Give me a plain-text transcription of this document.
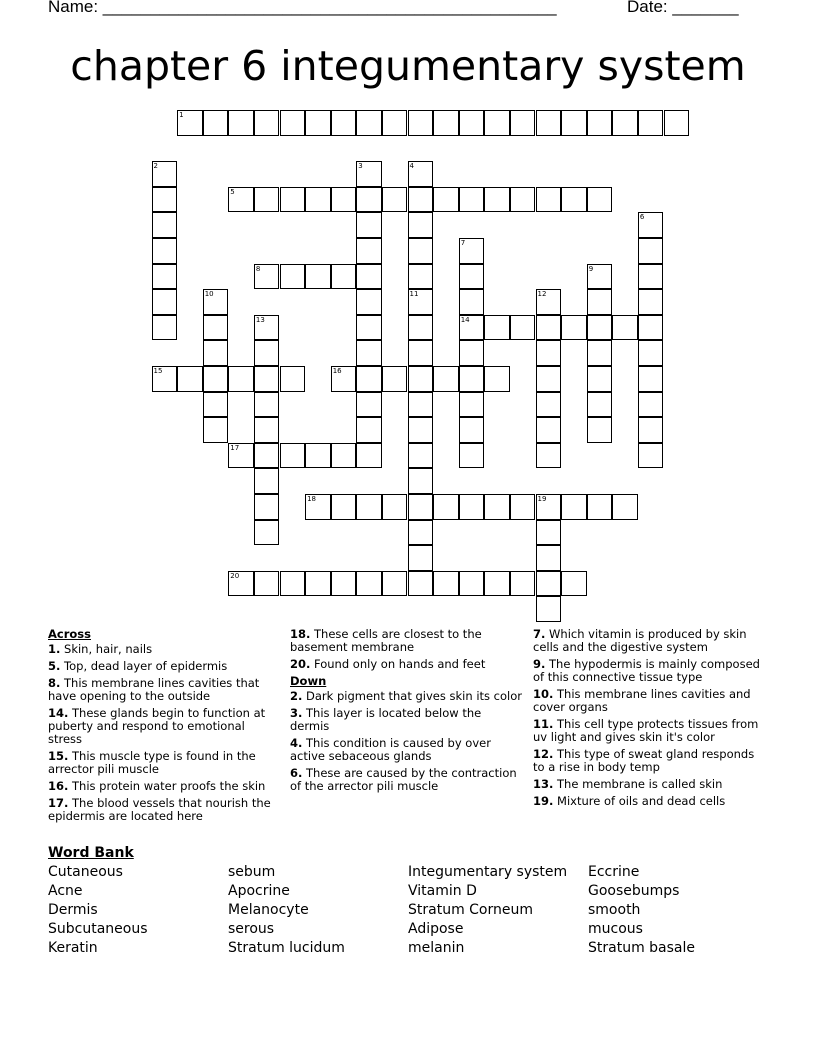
Name: ________________________________________________	Date: _______
chapter 6 integumentary system
1
2	3	4
11
5
6
7
14
8	9
10	12
13
15	16
17
18	19
20

Across

1. Skin, hair, nails

5. Top, dead layer of epidermis

8. This membrane lines cavities that have opening to the outside

14. These glands begin to function at puberty and respond to emotional stress

15. This muscle type is found in the arrector pili muscle

16. This protein water proofs the skin

17. The blood vessels that nourish the epidermis are located here

18. These cells are closest to the basement membrane

20. Found only on hands and feet

Down

2. Dark pigment that gives skin its color

3. This layer is located below the dermis

4. This condition is caused by over active sebaceous glands

6. These are caused by the contraction of the arrector pili muscle

7. Which vitamin is produced by skin cells and the digestive system

9. The hypodermis is mainly composed of this connective tissue type

10. This membrane lines cavities and cover organs

11. This cell type protects tissues from uv light and gives skin it's color

12. This type of sweat gland responds to a rise in body temp

13. The membrane is called skin

19. Mixture of oils and dead cells

Word Bank
Cutaneous
Acne
Dermis
Subcutaneous
Keratin
sebum
Apocrine
Melanocyte
serous
Stratum lucidum
Integumentary system
Vitamin D
Stratum Corneum
Adipose
melanin
Eccrine
Goosebumps
smooth
mucous
Stratum basale
